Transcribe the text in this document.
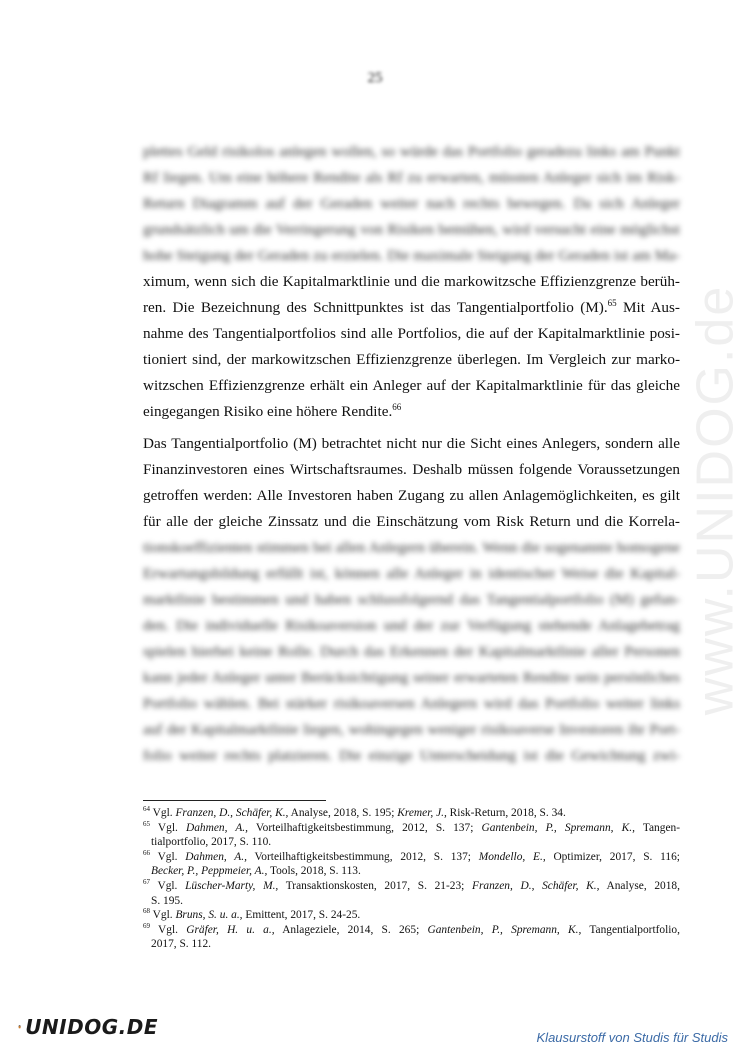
25
www.UNIDOG.de
plettes Geld risikolos anlegen wollen, so würde das Portfolio geradezu links am Punkt
Rf liegen. Um eine höhere Rendite als Rf zu erwarten, müssten Anleger sich im Risk-
Return Diagramm auf der Geraden weiter nach rechts bewegen. Da sich Anleger
grundsätzlich um die Verringerung von Risiken bemühen, wird versucht eine möglichst
hohe Steigung der Geraden zu erzielen. Die maximale Steigung der Geraden ist am Ma-
ximum, wenn sich die Kapitalmarktlinie und die markowitzsche Effizienzgrenze berüh-
ren. Die Bezeichnung des Schnittpunktes ist das Tangentialportfolio (M).$^{65}$ Mit Aus-
nahme des Tangentialportfolios sind alle Portfolios, die auf der Kapitalmarktlinie posi-
tioniert sind, der markowitzschen Effizienzgrenze überlegen. Im Vergleich zur marko-
witzschen Effizienzgrenze erhält ein Anleger auf der Kapitalmarktlinie für das gleiche
eingegangen Risiko eine höhere Rendite.$^{66}$
Das Tangentialportfolio (M) betrachtet nicht nur die Sicht eines Anlegers, sondern alle
Finanzinvestoren eines Wirtschaftsraumes. Deshalb müssen folgende Voraussetzungen
getroffen werden: Alle Investoren haben Zugang zu allen Anlagemöglichkeiten, es gilt
für alle der gleiche Zinssatz und die Einschätzung vom Risk Return und die Korrela-
tionskoeffizienten stimmen bei allen Anlegern überein. Wenn die sogenannte homogene
Erwartungsbildung erfüllt ist, können alle Anleger in identischer Weise die Kapital-
marktlinie bestimmen und haben schlussfolgernd das Tangentialportfolio (M) gefun-
den. Die individuelle Risikoaversion und der zur Verfügung stehende Anlagebetrag
spielen hierbei keine Rolle. Durch das Erkennen der Kapitalmarktlinie aller Personen
kann jeder Anleger unter Berücksichtigung seiner erwarteten Rendite sein persönliches
Portfolio wählen. Bei stärker risikoaversen Anlegern wird das Portfolio weiter links
auf der Kapitalmarktlinie liegen, wohingegen weniger risikoaverse Investoren ihr Port-
folio weiter rechts platzieren. Die einzige Unterscheidung ist die Gewichtung zwi-
$^{64}$ Vgl. Franzen, D., Schäfer, K., Analyse, 2018, S. 195; Kremer, J., Risk-Return, 2018, S. 34.
$^{65}$ Vgl. Dahmen, A., Vorteilhaftigkeitsbestimmung, 2012, S. 137; Gantenbein, P., Spremann, K., Tangen-
tialportfolio, 2017, S. 110.
$^{66}$ Vgl. Dahmen, A., Vorteilhaftigkeitsbestimmung, 2012, S. 137; Mondello, E., Optimizer, 2017, S. 116;
Becker, P., Peppmeier, A., Tools, 2018, S. 113.
$^{67}$ Vgl. Lüscher-Marty, M., Transaktionskosten, 2017, S. 21-23; Franzen, D., Schäfer, K., Analyse, 2018,
S. 195.
$^{68}$ Vgl. Bruns, S. u. a., Emittent, 2017, S. 24-25.
$^{69}$ Vgl. Gräfer, H. u. a., Anlageziele, 2014, S. 265; Gantenbein, P., Spremann, K., Tangentialportfolio,
2017, S. 112.
UNIDOG.DE	Klausurstoff von Studis für Studis
